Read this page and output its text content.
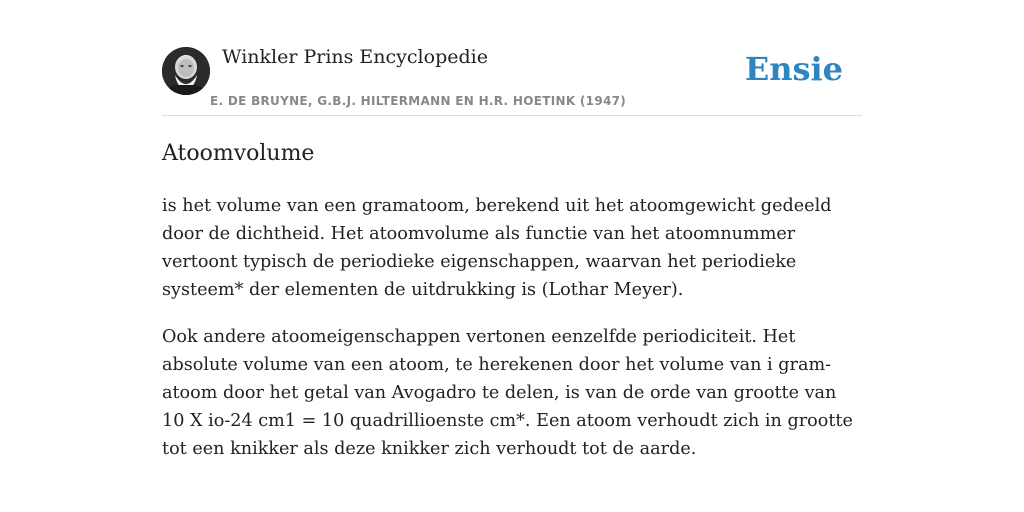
Winkler Prins Encyclopedie
E. DE BRUYNE, G.B.J. HILTERMANN EN H.R. HOETINK (1947)
Ensie
Atoomvolume

is het volume van een gramatoom, berekend uit het atoomgewicht gedeeld door de dichtheid. Het atoomvolume als functie van het atoomnummer vertoont typisch de periodieke eigenschappen, waarvan het periodieke systeem* der elementen de uitdrukking is (Lothar Meyer).

Ook andere atoomeigenschappen vertonen eenzelfde periodiciteit. Het absolute volume van een atoom, te herekenen door het volume van i gram-atoom door het getal van Avogadro te delen, is van de orde van grootte van 10 X io-24 cm1 = 10 quadrillioenste cm*. Een atoom verhoudt zich in grootte tot een knikker als deze knikker zich verhoudt tot de aarde.
